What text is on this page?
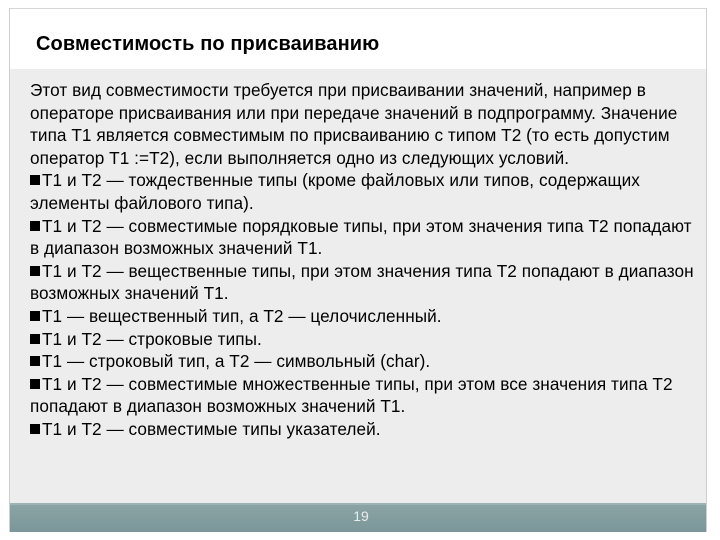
Совместимость по присваиванию

Этот вид совместимости требуется при присваивании значений, например в операторе присваивания или при передаче значений в подпрограмму. Значение типа Т1 является совместимым по присваиванию с типом Т2 (то есть допустим оператор Т1 :=Т2), если выполняется одно из следующих условий.

Т1 и Т2 — тождественные типы (кроме файловых или типов, содержащих элементы файлового типа).

Т1 и Т2 — совместимые порядковые типы, при этом значения типа Т2 попадают в диапазон возможных значений Т1.

Т1 и Т2 — вещественные типы, при этом значения типа Т2 попадают в диапазон возможных значений Т1.

Т1 — вещественный тип, а Т2 — целочисленный.

Т1 и Т2 — строковые типы.

Т1 — строковый тип, а Т2 — символьный (char).

Т1 и Т2 — совместимые множественные типы, при этом все значения типа Т2 попадают в диапазон возможных значений Т1.

Т1 и Т2 — совместимые типы указателей.

19
